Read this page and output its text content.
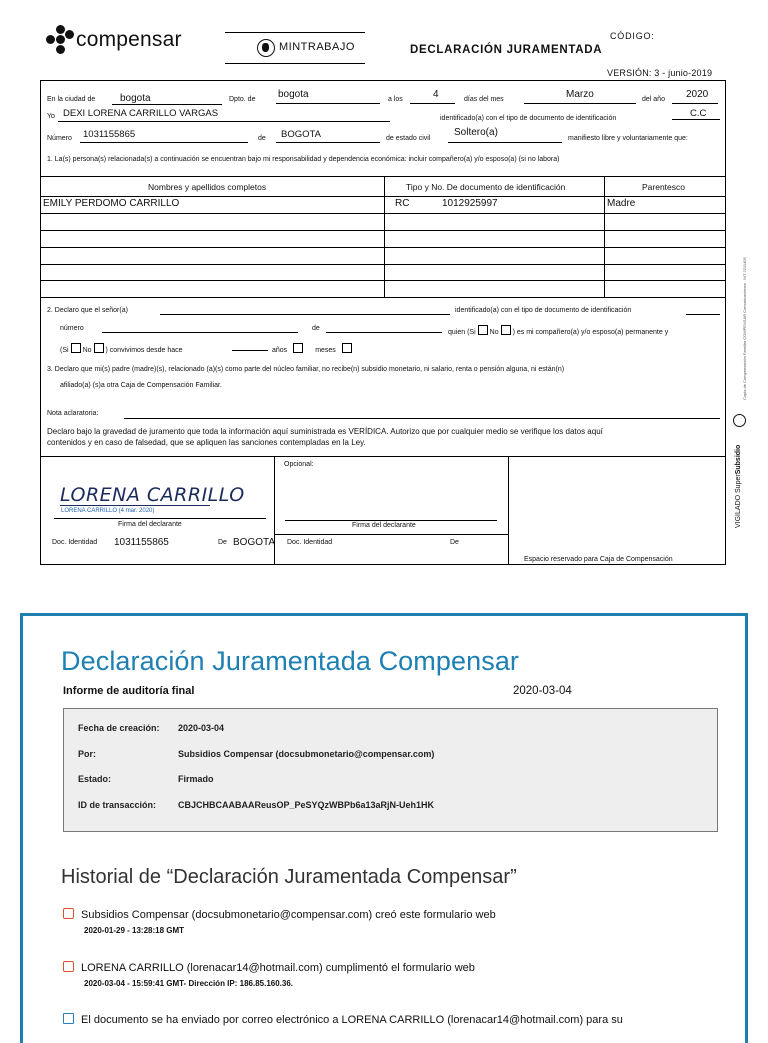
compensar	MINTRABAJO	DECLARACIÓN JURAMENTADA
CÓDIGO:
VERSIÓN: 3 - junio-2019
En la ciudad de bogota	Dpto. de bogota	a los	4	días del mes	Marzo	del año 2020
Yo DEXI LORENA CARRILLO VARGAS	identificado(a) con el tipo de documento de identificación	C.C
Número 1031155865	de BOGOTA	de estado civil
Soltero(a)
manifiesto libre y voluntariamente que:
1. La(s) persona(s) relacionada(s) a continuación se encuentran bajo mi responsabilidad y dependencia económica: incluir compañero(a) y/o esposo(a) (si no labora)
Nombres y apellidos completos	Tipo y No. De documento de identificación	Parentesco
EMILY PERDOMO CARRILLO	RC	1012925997	Madre
2. Declaro que el señor(a)	identificado(a) con el tipo de documento de identificación
número	de
quien (Si No ) es mi compañero(a) y/o esposo(a) permanente y
(Si No ) convivimos desde hace	años	meses
3. Declaro que mi(s) padre (madre)(s), relacionado (a)(s) como parte del núcleo familiar, no recibe(n) subsidio monetario, ni salario, renta o pensión alguna, ni están(n)
afiliado(a) (s)a otra Caja de Compensación Familiar.
Nota aclaratoria:
Declaro bajo la gravedad de juramento que toda la información aquí suministrada es VERÍDICA. Autorizo que por cualquier medio se verifique los datos aquí
contenidos y en caso de falsedad, que se apliquen las sanciones contempladas en la Ley.
LORENA CARRILLO
LORENA CARRILLO (4 mar. 2020)
Firma del declarante
Doc. Identidad 1031155865	De BOGOTA
Opcional:
Firma del declarante
Doc. Identidad	De
Espacio reservado para Caja de Compensación
VIGILADO SuperSubsidio
Copia de Compensación Familiar COMPENSAR Comunicaciones
NIT 2211405
Declaración Juramentada Compensar
Informe de auditoría final	2020-03-04
Fecha de creación: 2020-03-04
Por:	Subsidios Compensar (docsubmonetario@compensar.com)
Estado:	Firmado
ID de transacción: CBJCHBCAABAAReusOP_PeSYQzWBPb6a13aRjN-Ueh1HK
Historial de “Declaración Juramentada Compensar”
Subsidios Compensar (docsubmonetario@compensar.com) creó este formulario web
2020-01-29 - 13:28:18 GMT
LORENA CARRILLO (lorenacar14@hotmail.com) cumplimentó el formulario web
2020-03-04 - 15:59:41 GMT- Dirección IP: 186.85.160.36.
El documento se ha enviado por correo electrónico a LORENA CARRILLO (lorenacar14@hotmail.com) para su
